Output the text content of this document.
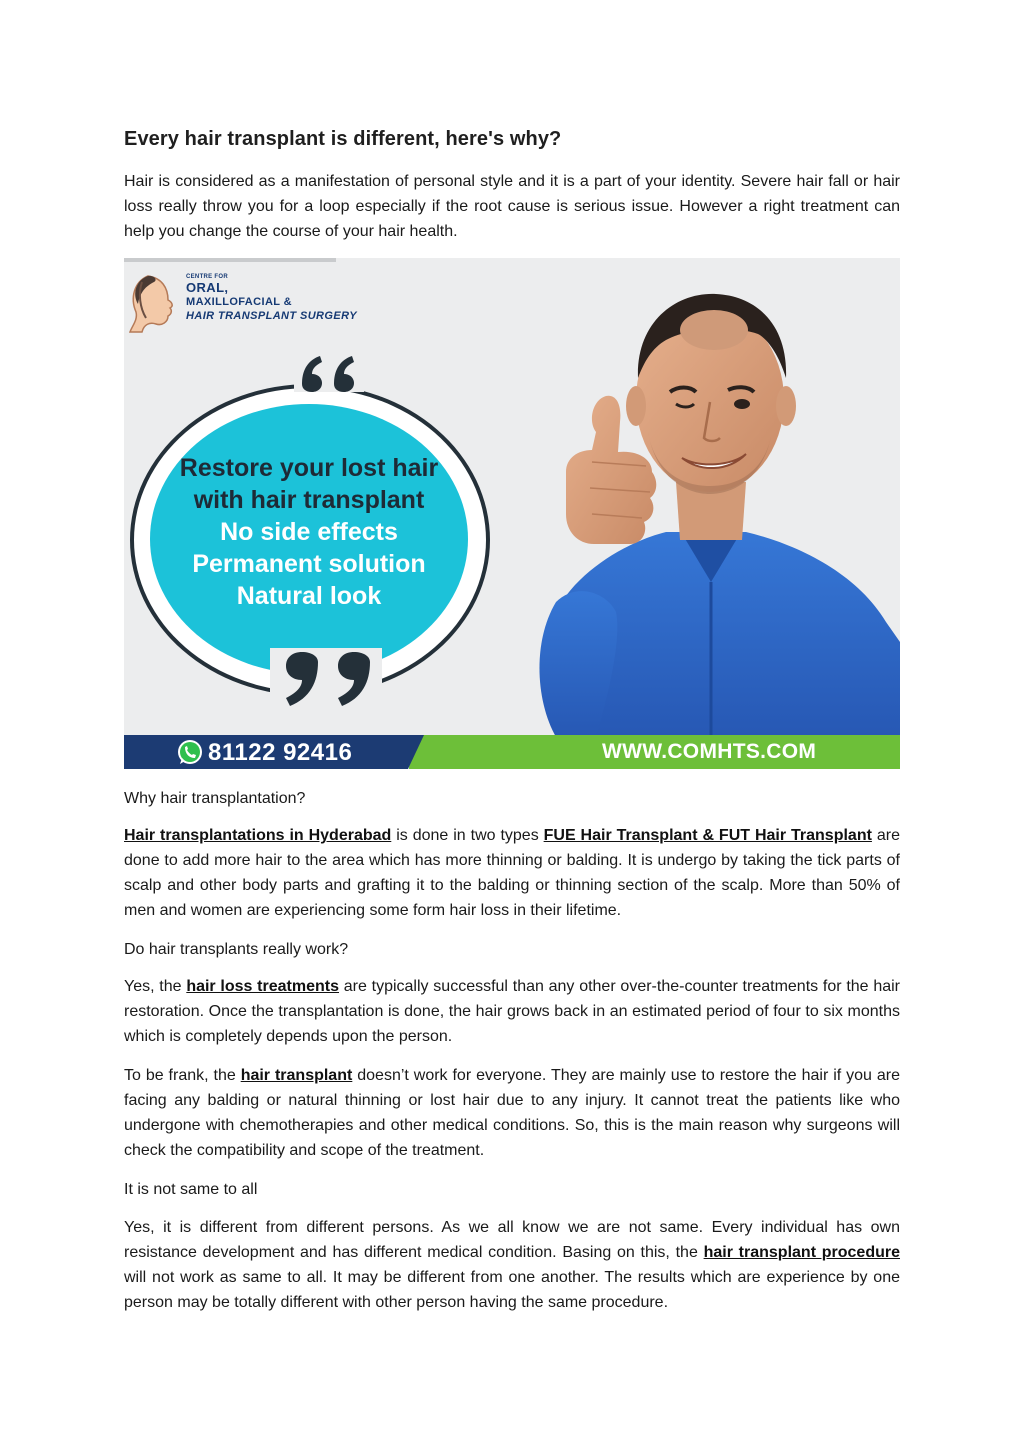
Every hair transplant is different, here's why?

Hair is considered as a manifestation of personal style and it is a part of your identity. Severe hair fall or hair loss really throw you for a loop especially if the root cause is serious issue. However a right treatment can help you change the course of your hair health.

CENTRE FOR
ORAL,
MAXILLOFACIAL &
HAIR TRANSPLANT SURGERY
Restore your lost hair
with hair transplant
No side effects
Permanent solution
Natural look
81122 92416	WWW.COMHTS.COM

Why hair transplantation?

Hair transplantations in Hyderabad is done in two types FUE Hair Transplant & FUT Hair Transplant are done to add more hair to the area which has more thinning or balding. It is undergo by taking the tick parts of scalp and other body parts and grafting it to the balding or thinning section of the scalp. More than 50% of men and women are experiencing some form hair loss in their lifetime.

Do hair transplants really work?

Yes, the hair loss treatments are typically successful than any other over-the-counter treatments for the hair restoration. Once the transplantation is done, the hair grows back in an estimated period of four to six months which is completely depends upon the person.

To be frank, the hair transplant doesn’t work for everyone. They are mainly use to restore the hair if you are facing any balding or natural thinning or lost hair due to any injury. It cannot treat the patients like who undergone with chemotherapies and other medical conditions. So, this is the main reason why surgeons will check the compatibility and scope of the treatment.

It is not same to all

Yes, it is different from different persons. As we all know we are not same. Every individual has own resistance development and has different medical condition. Basing on this, the hair transplant procedure will not work as same to all. It may be different from one another. The results which are experience by one person may be totally different with other person having the same procedure.
